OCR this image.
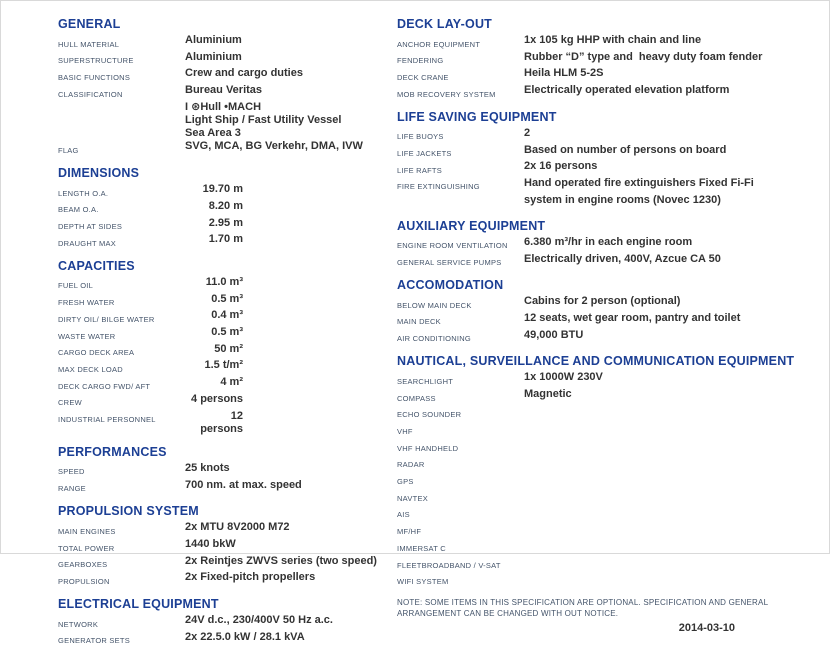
GENERAL
HULL MATERIAL	Aluminium
SUPERSTRUCTURE	Aluminium
BASIC FUNCTIONS	Crew and cargo duties
CLASSIFICATION	Bureau Veritas
I ⊛Hull •MACH
Light Ship / Fast Utility Vessel
Sea Area 3
FLAG	SVG, MCA, BG Verkehr, DMA, IVW
DIMENSIONS
LENGTH O.A.	19.70 m
BEAM O.A.	8.20 m
DEPTH AT SIDES	2.95 m
DRAUGHT MAX	1.70 m
CAPACITIES
FUEL OIL	11.0 m³
FRESH WATER	0.5 m³
DIRTY OIL/ BILGE WATER	0.4 m³
WASTE WATER	0.5 m³
CARGO DECK AREA	50 m²
MAX DECK LOAD	1.5 t/m²
DECK CARGO FWD/ AFT	4 m²
CREW	4 persons
INDUSTRIAL PERSONNEL	12 persons
PERFORMANCES
SPEED	25 knots
RANGE	700 nm. at max. speed
PROPULSION SYSTEM
MAIN ENGINES	2x MTU 8V2000 M72
TOTAL POWER	1440 bkW
GEARBOXES	2x Reintjes ZWVS series (two speed)
PROPULSION	2x Fixed-pitch propellers
ELECTRICAL EQUIPMENT
NETWORK	24V d.c., 230/400V 50 Hz a.c.
GENERATOR SETS	2x 22.5.0 kW / 28.1 kVA
DECK LAY-OUT
ANCHOR EQUIPMENT	1x 105 kg HHP with chain and line
FENDERING	Rubber “D” type and  heavy duty foam fender
DECK CRANE	Heila HLM 5-2S
MOB RECOVERY SYSTEM	Electrically operated elevation platform
LIFE SAVING EQUIPMENT
LIFE BUOYS	2
LIFE JACKETS	Based on number of persons on board
LIFE RAFTS	2x 16 persons
FIRE EXTINGUISHING	Hand operated fire extinguishers Fixed Fi-Fi
system in engine rooms (Novec 1230)
AUXILIARY EQUIPMENT
ENGINE ROOM VENTILATION	6.380 m³/hr in each engine room
GENERAL SERVICE PUMPS	Electrically driven, 400V, Azcue CA 50
ACCOMODATION
BELOW MAIN DECK	Cabins for 2 person (optional)
MAIN DECK	12 seats, wet gear room, pantry and toilet
AIR CONDITIONING	49,000 BTU
NAUTICAL, SURVEILLANCE AND COMMUNICATION EQUIPMENT
SEARCHLIGHT	1x 1000W 230V
COMPASS	Magnetic
ECHO SOUNDER
VHF
VHF HANDHELD
RADAR
GPS
NAVTEX
AIS
MF/HF
IMMERSAT C
FLEETBROADBAND / V-SAT
WIFI SYSTEM
NOTE: SOME ITEMS IN THIS SPECIFICATION ARE OPTIONAL. SPECIFICATION AND GENERAL ARRANGEMENT CAN BE CHANGED WITH OUT NOTICE.
2014-03-10
